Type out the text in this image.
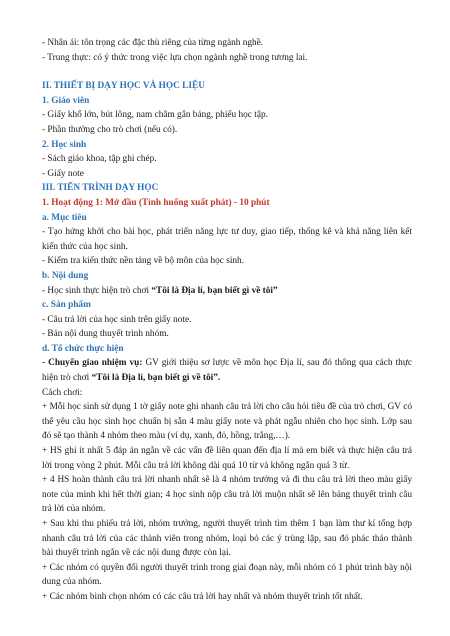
- Nhân ái: tôn trọng các đặc thù riêng của từng ngành nghề.

- Trung thực: có ý thức trong việc lựa chọn ngành nghề trong tương lai.

II. THIẾT BỊ DẠY HỌC VÀ HỌC LIỆU

1. Giáo viên

- Giấy khổ lớn, bút lông, nam châm gắn bảng, phiếu học tập.

- Phần thưởng cho trò chơi (nếu có).

2. Học sinh

- Sách giáo khoa, tập ghi chép.

- Giấy note

III. TIẾN TRÌNH DẠY HỌC

1. Hoạt động 1: Mở đầu (Tình huống xuất phát) - 10 phút

a. Mục tiêu

- Tạo hứng khởi cho bài học, phát triển năng lực tư duy, giao tiếp, thống kê và khả năng liên kết kiến thức của học sinh.

- Kiểm tra kiến thức nền tảng về bộ môn của học sinh.

b. Nội dung

- Học sinh thực hiện trò chơi “Tôi là Địa lí, bạn biết gì về tôi”

c. Sản phẩm

- Câu trả lời của học sinh trên giấy note.

- Bản nội dung thuyết trình nhóm.

d. Tổ chức thực hiện

- Chuyển giao nhiệm vụ: GV giới thiệu sơ lược về môn học Địa lí, sau đó thông qua cách thực hiện trò chơi “Tôi là Địa lí, bạn biết gì về tôi”.

Cách chơi:

+ Mỗi học sinh sử dụng 1 tờ giấy note ghi nhanh câu trả lời cho câu hỏi tiêu đề của trò chơi, GV có thể yêu cầu học sinh học chuẩn bị sẵn 4 màu giấy note và phát ngẫu nhiên cho học sinh. Lớp sau đó sẽ tạo thành 4 nhóm theo màu (ví dụ, xanh, đỏ, hồng, trắng,…).

+ HS ghi ít nhất 5 đáp án ngắn về các vấn đề liên quan đến địa lí mà em biết và thực hiện câu trả lời trong vòng 2 phút. Mỗi câu trả lời không dài quá 10 từ và không ngắn quá 3 từ.

+ 4 HS hoàn thành câu trả lời nhanh nhất sẽ là 4 nhóm trưởng và đi thu câu trả lời theo màu giấy note của mình khi hết thời gian; 4 học sinh nộp câu trả lời muộn nhất sẽ lên bảng thuyết trình câu trả lời của nhóm.

+ Sau khi thu phiếu trả lời, nhóm trưởng, người thuyết trình tìm thêm 1 bạn làm thư kí tổng hợp nhanh câu trả lời của các thành viên trong nhóm, loại bỏ các ý trùng lặp, sau đó phác thảo thành bài thuyết trình ngắn về các nội dung được còn lại.

+ Các nhóm có quyền đổi người thuyết trình trong giai đoạn này, mỗi nhóm có 1 phút trình bày nội dung của nhóm.

+ Các nhóm bình chọn nhóm có các câu trả lời hay nhất và nhóm thuyết trình tốt nhất.
